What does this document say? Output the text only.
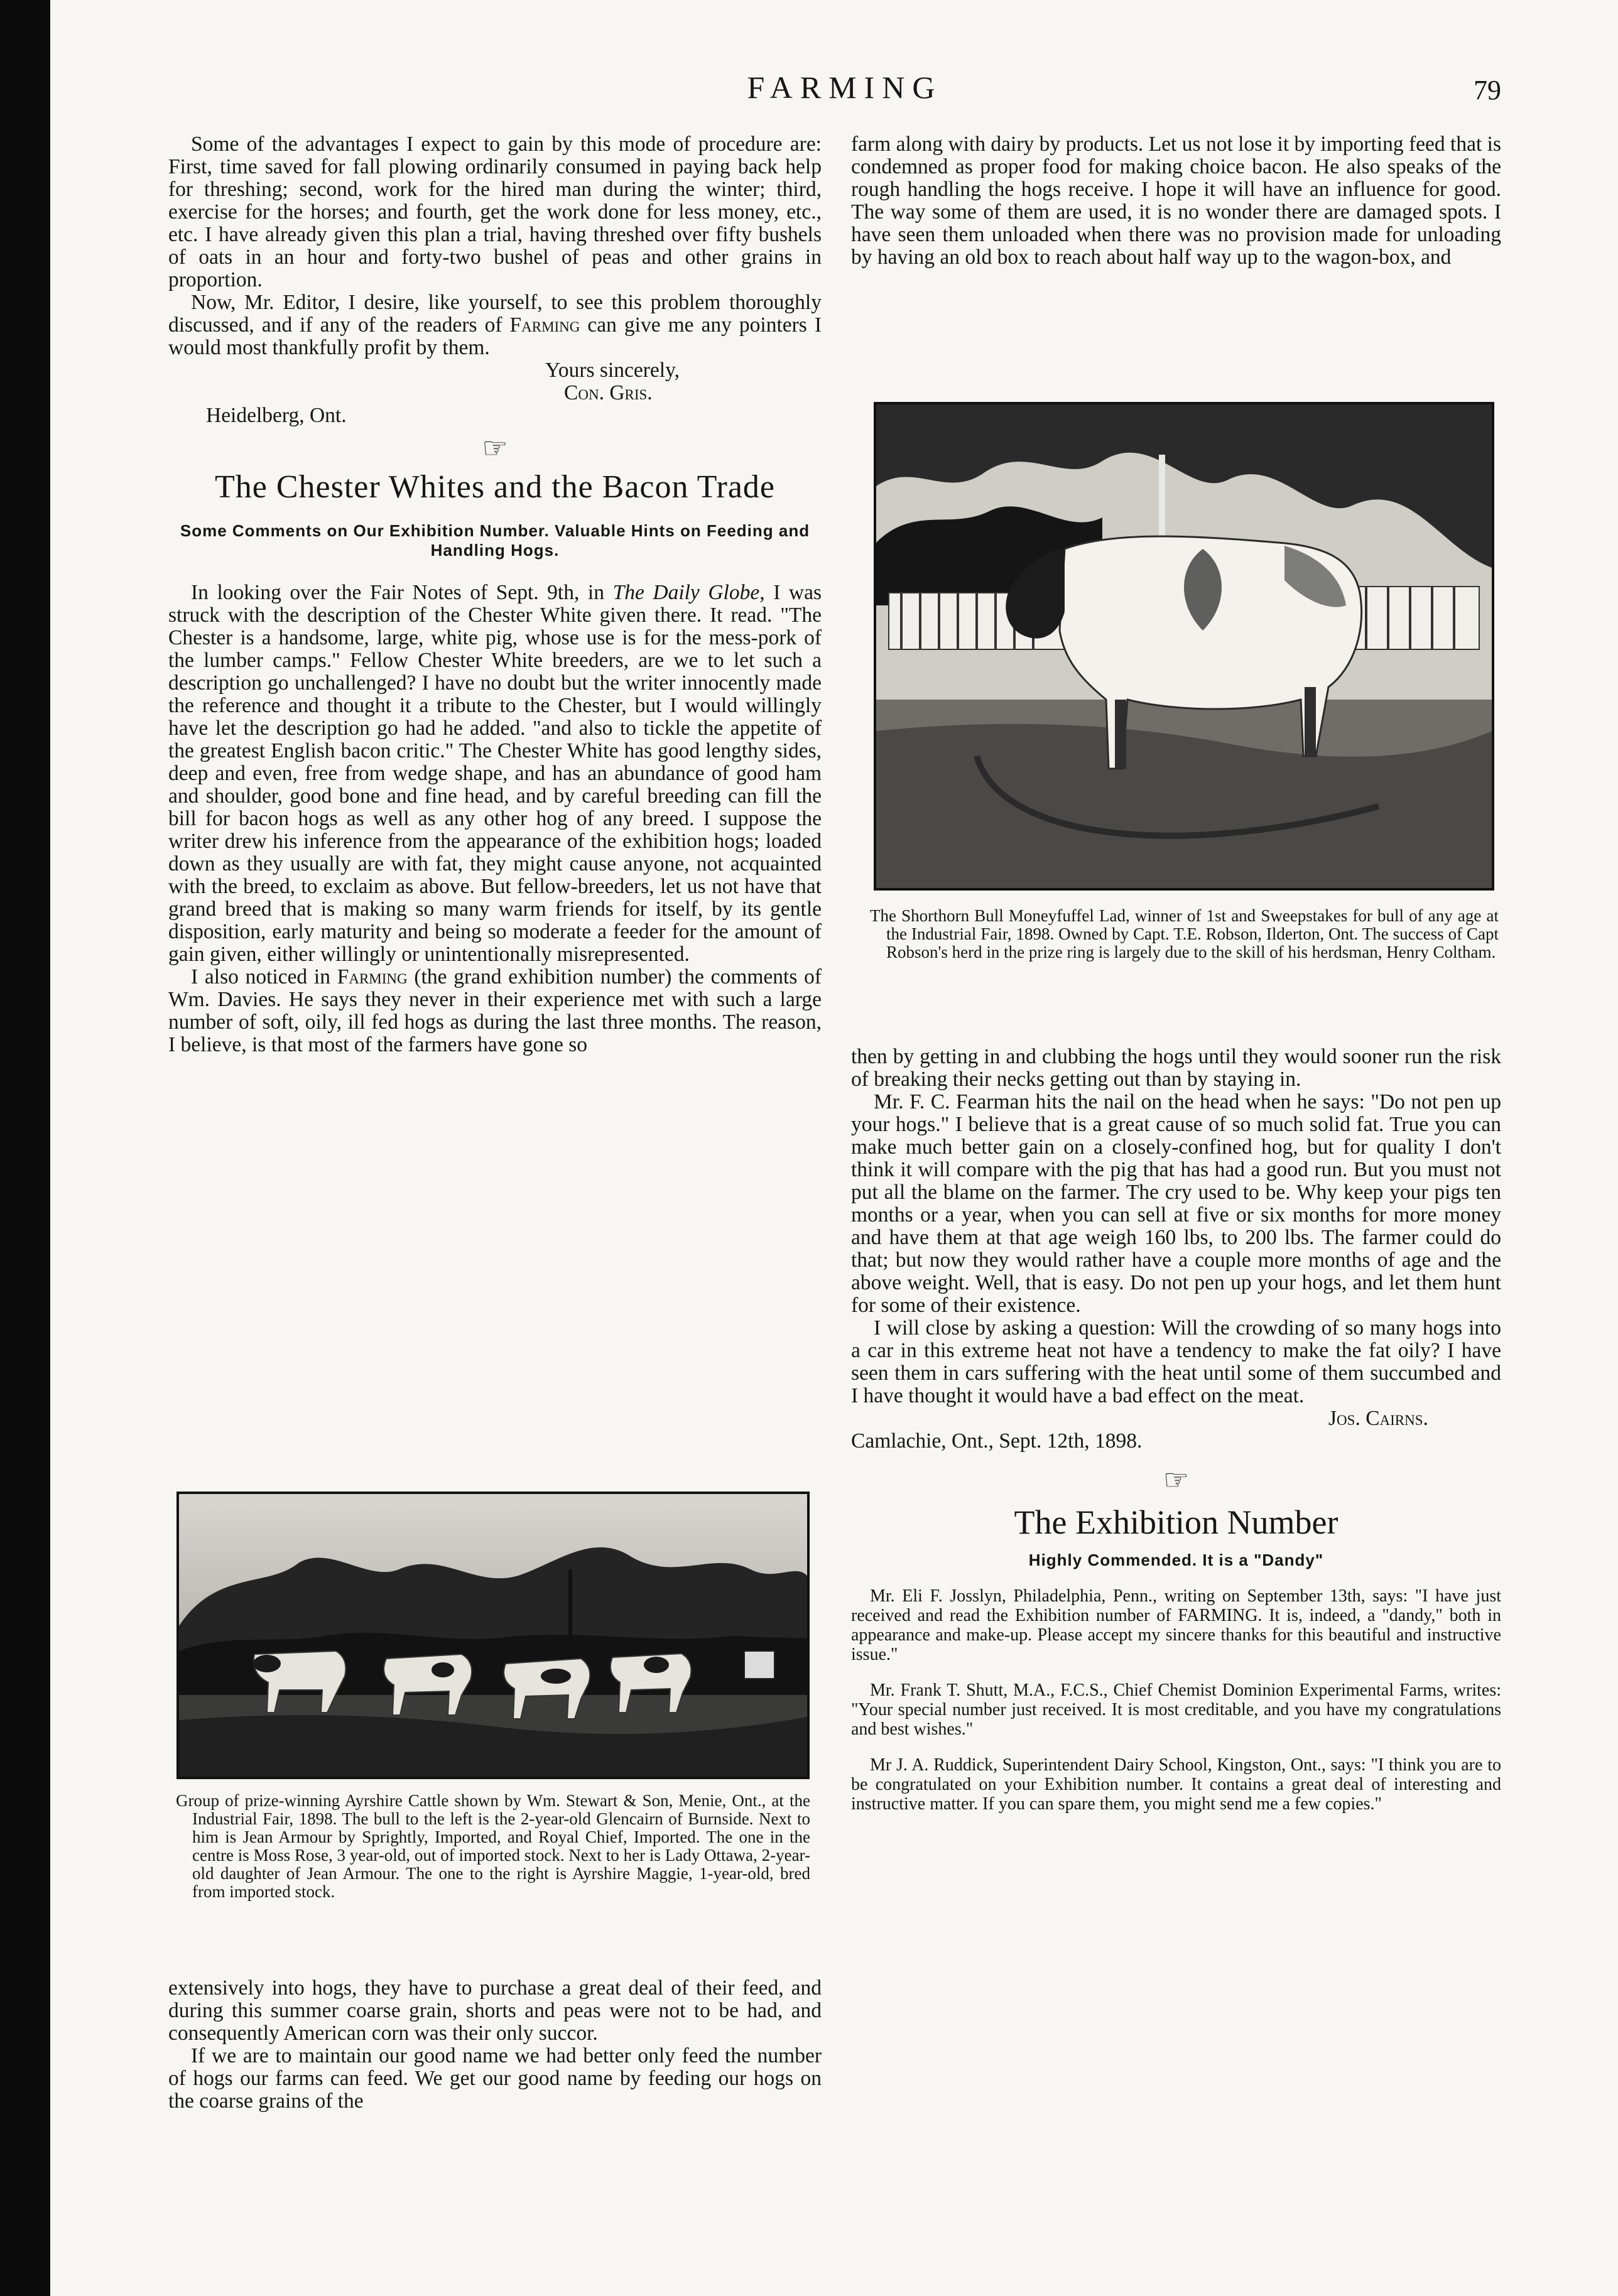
FARMING	79

Some of the advantages I expect to gain by this mode of procedure are: First, time saved for fall plowing ordinarily consumed in paying back help for threshing; second, work for the hired man during the winter; third, exercise for the horses; and fourth, get the work done for less money, etc., etc. I have already given this plan a trial, having threshed over fifty bushels of oats in an hour and forty-two bushel of peas and other grains in proportion.

Now, Mr. Editor, I desire, like yourself, to see this problem thoroughly discussed, and if any of the readers of Farming can give me any pointers I would most thankfully profit by them.

Yours sincerely,

Con. Gris.

Heidelberg, Ont.

☞
The Chester Whites and the Bacon Trade
Some Comments on Our Exhibition Number. Valuable Hints on Feeding and Handling Hogs.

In looking over the Fair Notes of Sept. 9th, in The Daily Globe, I was struck with the description of the Chester White given there. It read. "The Chester is a handsome, large, white pig, whose use is for the mess-pork of the lumber camps." Fellow Chester White breeders, are we to let such a description go unchallenged? I have no doubt but the writer innocently made the reference and thought it a tribute to the Chester, but I would willingly have let the description go had he added. "and also to tickle the appetite of the greatest English bacon critic." The Chester White has good lengthy sides, deep and even, free from wedge shape, and has an abundance of good ham and shoulder, good bone and fine head, and by careful breeding can fill the bill for bacon hogs as well as any other hog of any breed. I suppose the writer drew his inference from the appearance of the exhibition hogs; loaded down as they usually are with fat, they might cause anyone, not acquainted with the breed, to exclaim as above. But fellow-breeders, let us not have that grand breed that is making so many warm friends for itself, by its gentle disposition, early maturity and being so moderate a feeder for the amount of gain given, either willingly or unintentionally misrepresented.

I also noticed in Farming (the grand exhibition number) the comments of Wm. Davies. He says they never in their experience met with such a large number of soft, oily, ill fed hogs as during the last three months. The reason, I believe, is that most of the farmers have gone so

Group of prize-winning Ayrshire Cattle shown by Wm. Stewart & Son, Menie, Ont., at the Industrial Fair, 1898. The bull to the left is the 2-year-old Glencairn of Burnside. Next to him is Jean Armour by Sprightly, Imported, and Royal Chief, Imported. The one in the centre is Moss Rose, 3 year-old, out of imported stock. Next to her is Lady Ottawa, 2-year-old daughter of Jean Armour. The one to the right is Ayrshire Maggie, 1-year-old, bred from imported stock.

extensively into hogs, they have to purchase a great deal of their feed, and during this summer coarse grain, shorts and peas were not to be had, and consequently American corn was their only succor.

If we are to maintain our good name we had better only feed the number of hogs our farms can feed. We get our good name by feeding our hogs on the coarse grains of the

farm along with dairy by products. Let us not lose it by importing feed that is condemned as proper food for making choice bacon. He also speaks of the rough handling the hogs receive. I hope it will have an influence for good. The way some of them are used, it is no wonder there are damaged spots. I have seen them unloaded when there was no provision made for unloading by having an old box to reach about half way up to the wagon-box, and

The Shorthorn Bull Moneyfuffel Lad, winner of 1st and Sweepstakes for bull of any age at the Industrial Fair, 1898. Owned by Capt. T.E. Robson, Ilderton, Ont. The success of Capt Robson's herd in the prize ring is largely due to the skill of his herdsman, Henry Coltham.

then by getting in and clubbing the hogs until they would sooner run the risk of breaking their necks getting out than by staying in.

Mr. F. C. Fearman hits the nail on the head when he says: "Do not pen up your hogs." I believe that is a great cause of so much solid fat. True you can make much better gain on a closely-confined hog, but for quality I don't think it will compare with the pig that has had a good run. But you must not put all the blame on the farmer. The cry used to be. Why keep your pigs ten months or a year, when you can sell at five or six months for more money and have them at that age weigh 160 lbs, to 200 lbs. The farmer could do that; but now they would rather have a couple more months of age and the above weight. Well, that is easy. Do not pen up your hogs, and let them hunt for some of their existence.

I will close by asking a question: Will the crowding of so many hogs into a car in this extreme heat not have a tendency to make the fat oily? I have seen them in cars suffering with the heat until some of them succumbed and I have thought it would have a bad effect on the meat.

Jos. Cairns.

Camlachie, Ont., Sept. 12th, 1898.

☞
The Exhibition Number
Highly Commended. It is a "Dandy"

Mr. Eli F. Josslyn, Philadelphia, Penn., writing on September 13th, says: "I have just received and read the Exhibition number of FARMING. It is, indeed, a "dandy," both in appearance and make-up. Please accept my sincere thanks for this beautiful and instructive issue."

Mr. Frank T. Shutt, M.A., F.C.S., Chief Chemist Dominion Experimental Farms, writes: "Your special number just received. It is most creditable, and you have my congratulations and best wishes."

Mr J. A. Ruddick, Superintendent Dairy School, Kingston, Ont., says: "I think you are to be congratulated on your Exhibition number. It contains a great deal of interesting and instructive matter. If you can spare them, you might send me a few copies."
